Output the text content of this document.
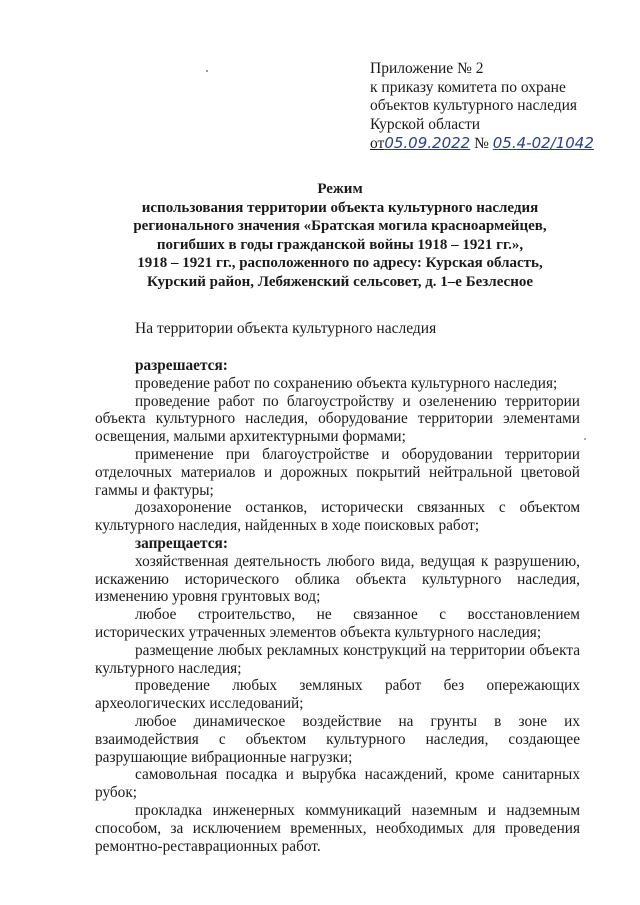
Приложение № 2
к приказу комитета по охране
объектов культурного наследия
Курской области
от05.09.2022 № 05.4-02/1042
Режим
использования территории объекта культурного наследия
регионального значения «Братская могила красноармейцев,
погибших в годы гражданской войны 1918 – 1921 гг.»,
1918 – 1921 гг., расположенного по адресу: Курская область,
Курский район, Лебяженский сельсовет, д. 1–е Безлесное
На территории объекта культурного наследия
разрешается:

проведение работ по сохранению объекта культурного наследия;

проведение работ по благоустройству и озеленению территории объекта культурного наследия, оборудование территории элементами освещения, малыми архитектурными формами;

применение при благоустройстве и оборудовании территории отделочных материалов и дорожных покрытий нейтральной цветовой гаммы и фактуры;

дозахоронение останков, исторически связанных с объектом культурного наследия, найденных в ходе поисковых работ;

запрещается:

хозяйственная деятельность любого вида, ведущая к разрушению, искажению исторического облика объекта культурного наследия, изменению уровня грунтовых вод;

любое строительство, не связанное с восстановлением исторических утраченных элементов объекта культурного наследия;

размещение любых рекламных конструкций на территории объекта культурного наследия;

проведение любых земляных работ без опережающих археологических исследований;

любое динамическое воздействие на грунты в зоне их взаимодействия с объектом культурного наследия, создающее разрушающие вибрационные нагрузки;

самовольная посадка и вырубка насаждений, кроме санитарных рубок;

прокладка инженерных коммуникаций наземным и надземным способом, за исключением временных, необходимых для проведения ремонтно-реставрационных работ.
